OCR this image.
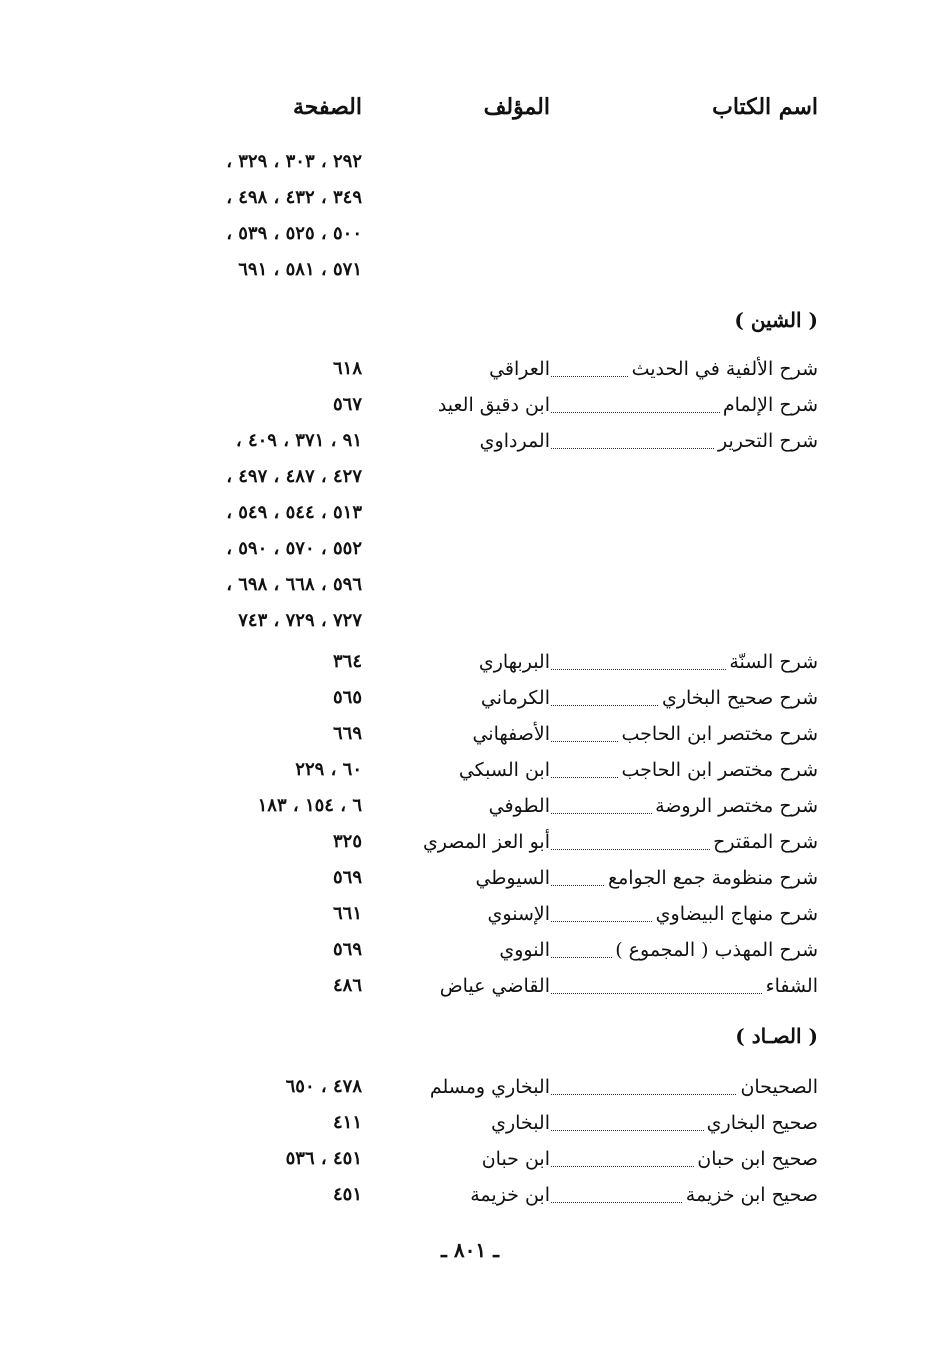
اسم الكتاب
المؤلف
الصفحة
٢٩٢ ، ٣٠٣ ، ٣٢٩ ،
٣٤٩ ، ٤٣٢ ، ٤٩٨ ،
٥٠٠ ، ٥٢٥ ، ٥٣٩ ،
٥٧١ ، ٥٨١ ، ٦٩١
( الشين )
شرح الألفية في الحديث
العراقي
٦١٨
شرح الإلمام
ابن دقيق العيد
٥٦٧
شرح التحرير
المرداوي
٩١ ، ٣٧١ ، ٤٠٩ ،
٤٢٧ ، ٤٨٧ ، ٤٩٧ ،
٥١٣ ، ٥٤٤ ، ٥٤٩ ،
٥٥٢ ، ٥٧٠ ، ٥٩٠ ،
٥٩٦ ، ٦٦٨ ، ٦٩٨ ،
٧٢٧ ، ٧٢٩ ، ٧٤٣
شرح السنّة
البربهاري
٣٦٤
شرح صحيح البخاري
الكرماني
٥٦٥
شرح مختصر ابن الحاجب
الأصفهاني
٦٦٩
شرح مختصر ابن الحاجب
ابن السبكي
٦٠ ، ٢٢٩
شرح مختصر الروضة
الطوفي
٦ ، ١٥٤ ، ١٨٣
شرح المقترح
أبو العز المصري
٣٢٥
شرح منظومة جمع الجوامع
السيوطي
٥٦٩
شرح منهاج البيضاوي
الإسنوي
٦٦١
شرح المهذب ( المجموع )
النووي
٥٦٩
الشفاء
القاضي عياض
٤٨٦
( الصـاد )
الصحيحان
البخاري ومسلم
٤٧٨ ، ٦٥٠
صحيح البخاري
البخاري
٤١١
صحيح ابن حبان
ابن حبان
٤٥١ ، ٥٣٦
صحيح ابن خزيمة
ابن خزيمة
٤٥١
ـ ٨٠١ ـ
